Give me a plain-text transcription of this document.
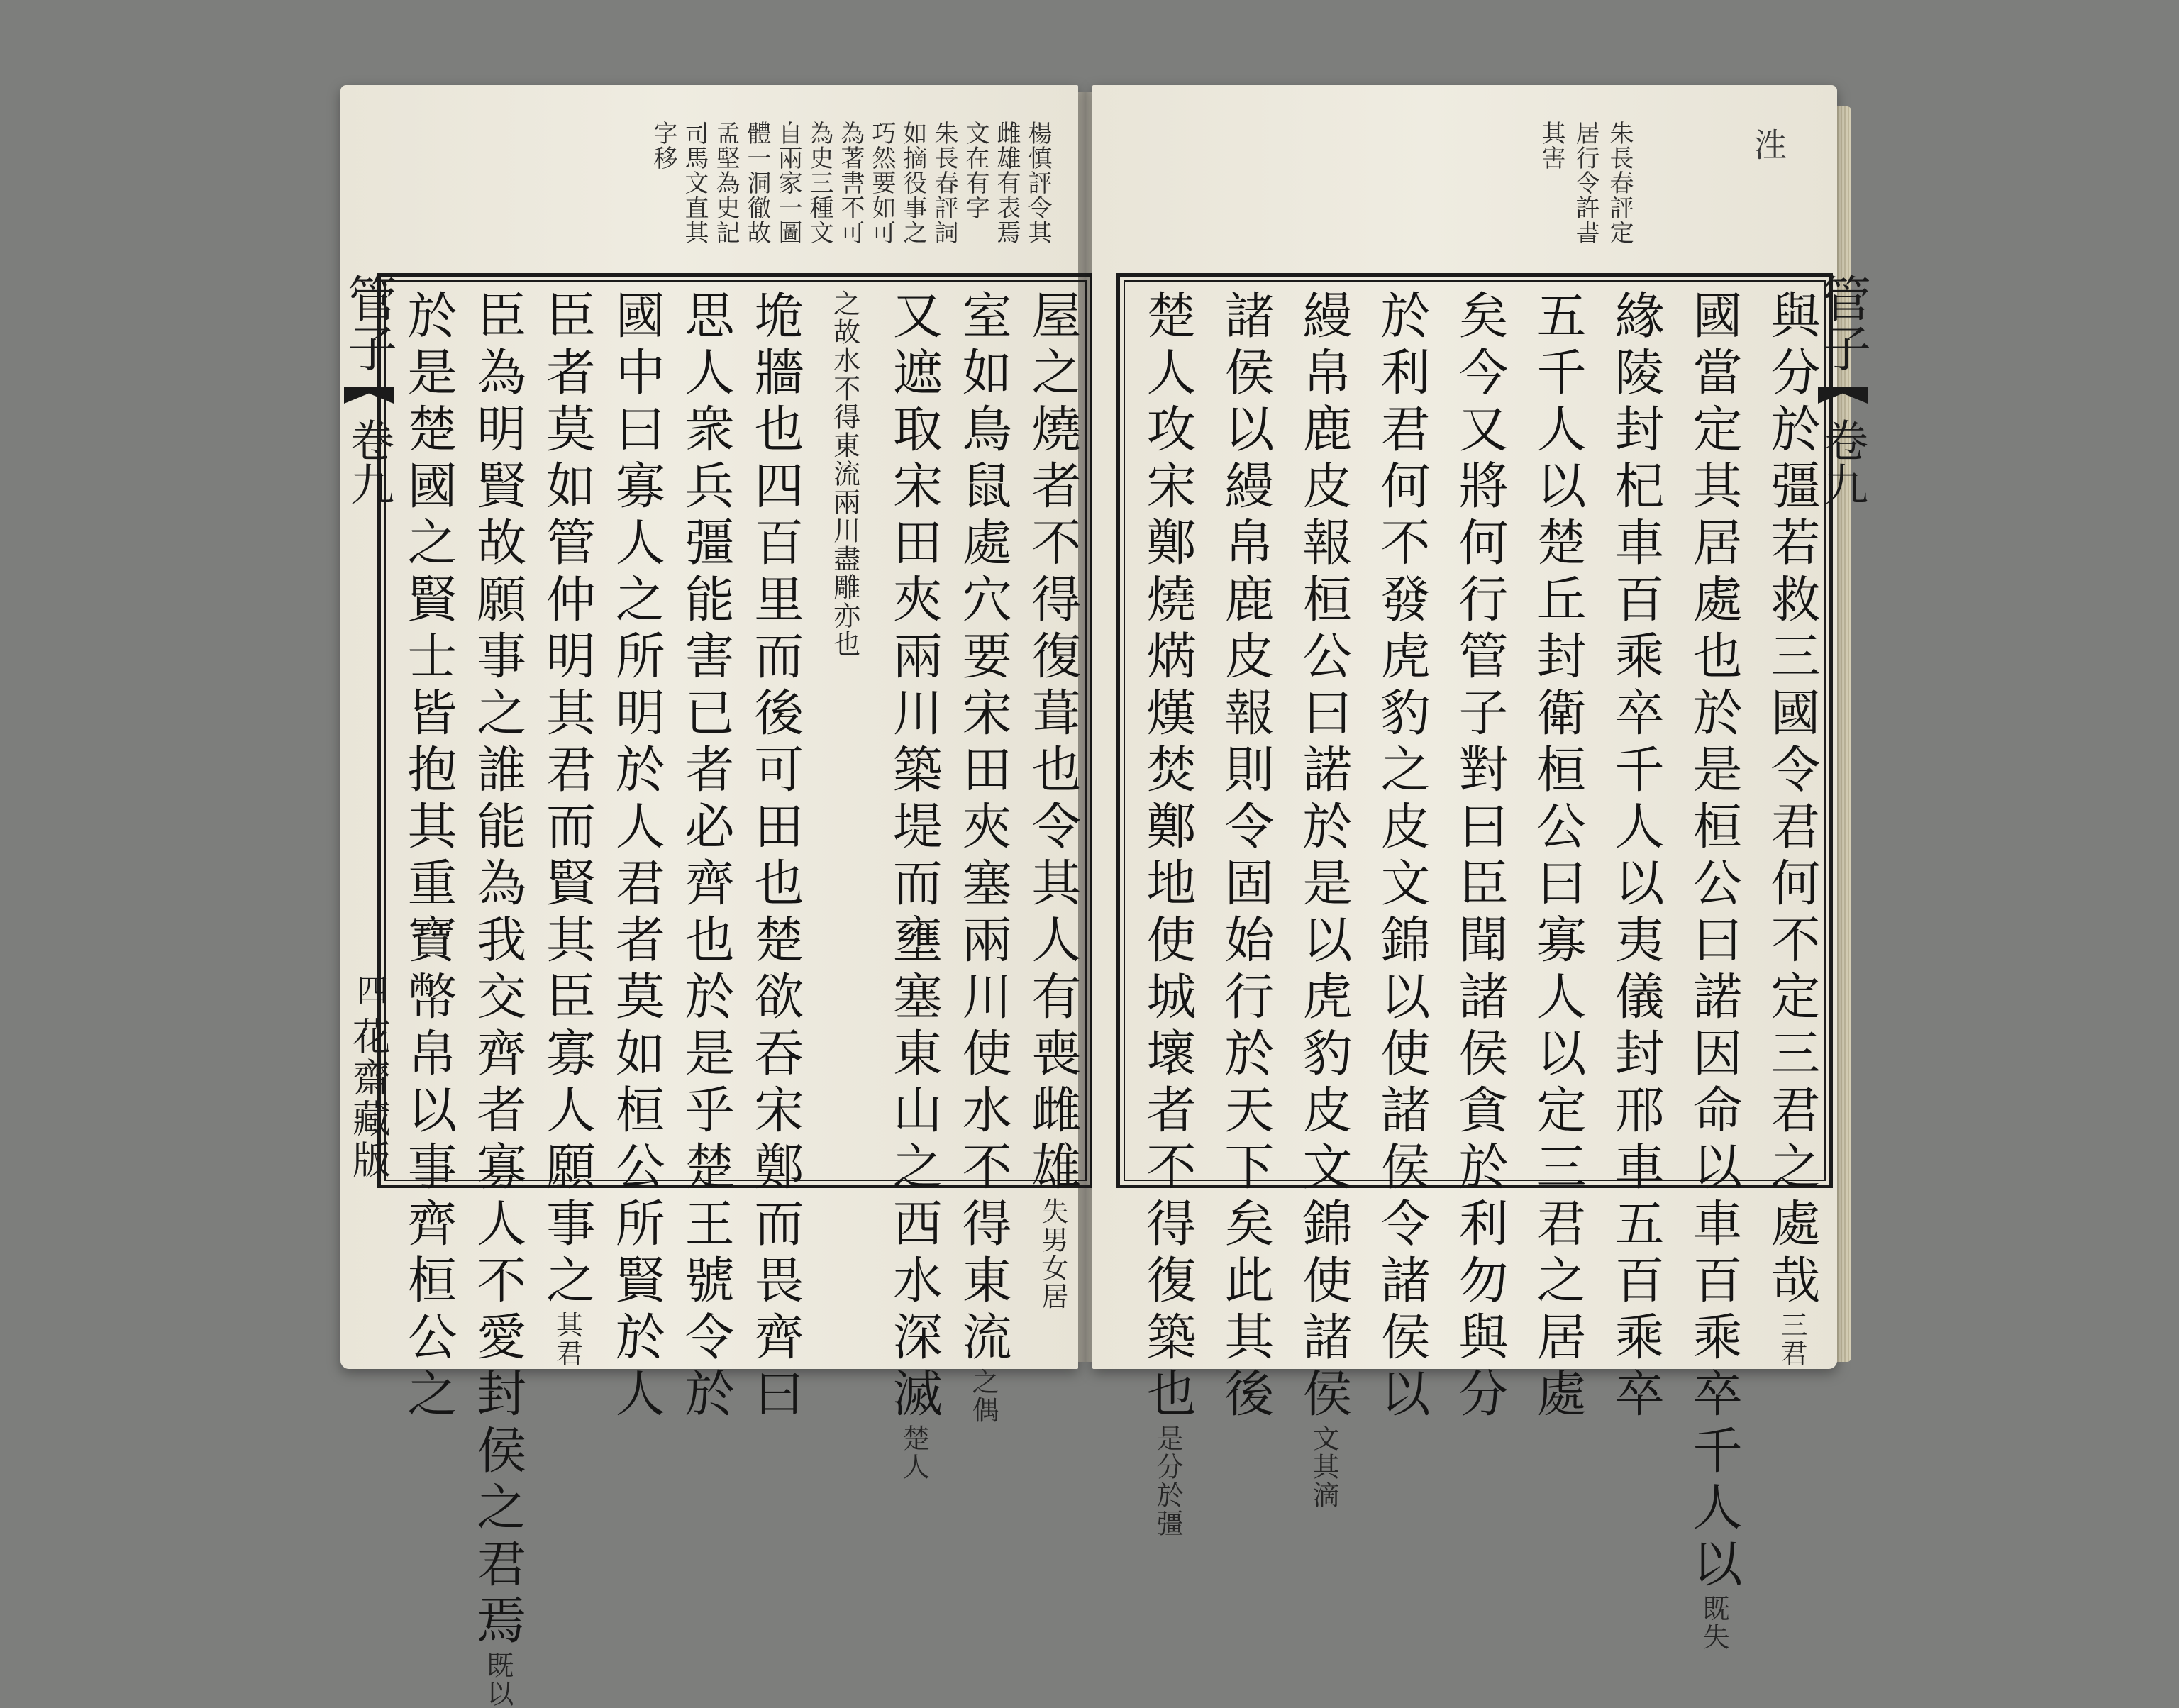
楊慎評令其
雌雄有表焉
文在有字
朱長春評詞
如摘役事之
巧然要如可
為著書不可
為史三種文
自兩家一圖
體一洞徹故
孟堅為史記
司馬文直其
字移
管子
卷九
四
花齋藏版	屋之燒者不得復葺也令其人有喪雌雄失男女居
室如鳥鼠處穴要宋田夾塞兩川使水不得東流之偶
又遮取宋田夾兩川築堤而壅塞東山之西水深滅楚人
之故水不得東流兩川盡雕亦也
垝牆也四百里而後可田也楚欲吞宋鄭而畏齊曰
思人衆兵彊能害已者必齊也於是乎楚王號令於
國中曰寡人之所明於人君者莫如桓公所賢於人
臣者莫如管仲明其君而賢其臣寡人願事之其君
臣為明賢故願事之誰能為我交齊者寡人不愛封侯之君焉既以
於是楚國之賢士皆抱其重寶幣帛以事齊桓公之
朱長春評定
居行令許書
其害
管子
卷九
與分於彊若救三國令君何不定三君之處哉三君
國當定其居處也於是桓公曰諾因命以車百乘卒千人以既失
緣陵封杞車百乘卒千人以夷儀封邢車五百乘卒
五千人以楚丘封衛桓公曰寡人以定三君之居處
矣今又將何行管子對曰臣聞諸侯貪於利勿與分
於利君何不發虎豹之皮文錦以使諸侯令諸侯以
縵帛鹿皮報桓公曰諾於是以虎豹皮文錦使諸侯文其滴
諸侯以縵帛鹿皮報則令固始行於天下矣此其後
楚人攻宋鄭燒焫熯焚鄭地使城壞者不得復築也是分於彊
泩
